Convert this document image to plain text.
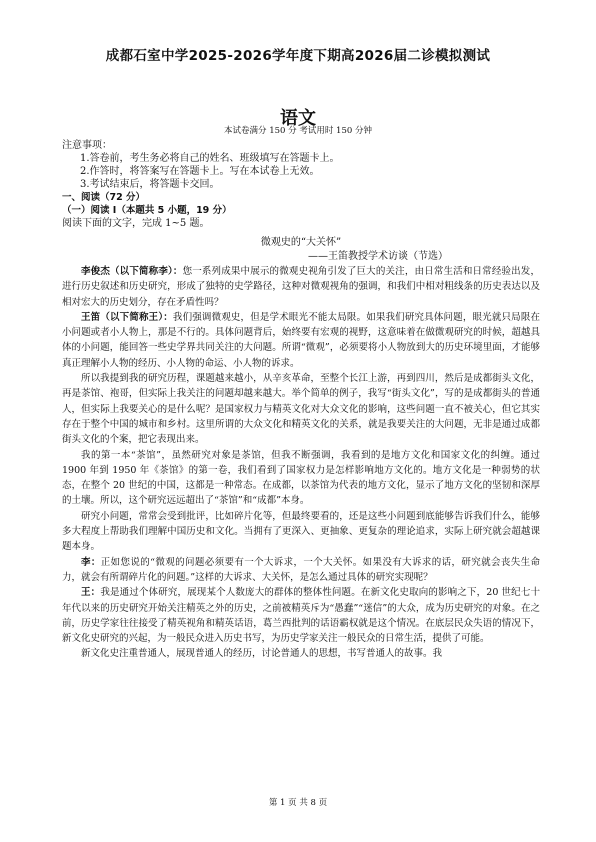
成都石室中学2025-2026学年度下期高2026届二诊模拟测试
语文
本试卷满分 150 分 考试用时 150 分钟
注意事项：
1.答卷前，考生务必将自己的姓名、班级填写在答题卡上。
2.作答时，将答案写在答题卡上。写在本试卷上无效。
3.考试结束后，将答题卡交回。
一、阅读（72 分）
（一）阅读 I（本题共 5 小题，19 分）
阅读下面的文字，完成 1~5 题。
微观史的“大关怀”
——王笛教授学术访谈（节选）

李俊杰（以下简称李）：您一系列成果中展示的微观史视角引发了巨大的关注，由日常生活和日常经验出发，进行历史叙述和历史研究，形成了独特的史学路径，这种对微观视角的强调，和我们中相对粗线条的历史表达以及相对宏大的历史划分，存在矛盾性吗？

王笛（以下简称王）：我们强调微观史，但是学术眼光不能太局限。如果我们研究具体问题，眼光就只局限在小问题或者小人物上，那是不行的。具体问题背后，始终要有宏观的视野，这意味着在做微观研究的时候，超越具体的小问题，能回答一些史学界共同关注的大问题。所谓“微观”，必须要将小人物放到大的历史环境里面，才能够真正理解小人物的经历、小人物的命运、小人物的诉求。

所以我提到我的研究历程，课题越来越小，从辛亥革命，至整个长江上游，再到四川，然后是成都街头文化，再是茶馆、袍哥，但实际上我关注的问题却越来越大。举个简单的例子，我写“街头文化”，写的是成都街头的普通人，但实际上我要关心的是什么呢？是国家权力与精英文化对大众文化的影响，这些问题一直不被关心，但它其实存在于整个中国的城市和乡村。这里所谓的大众文化和精英文化的关系，就是我要关注的大问题，无非是通过成都街头文化的个案，把它表现出来。

我的第一本“茶馆”，虽然研究对象是茶馆，但我不断强调，我看到的是地方文化和国家文化的纠缠。通过 1900 年到 1950 年《茶馆》的第一卷，我们看到了国家权力是怎样影响地方文化的。地方文化是一种弱势的状态，在整个 20 世纪的中国，这都是一种常态。在成都，以茶馆为代表的地方文化，显示了地方文化的坚韧和深厚的土壤。所以，这个研究远远超出了“茶馆”和“成都”本身。

研究小问题，常常会受到批评，比如碎片化等，但最终要看的，还是这些小问题到底能够告诉我们什么，能够多大程度上帮助我们理解中国历史和文化。当拥有了更深入、更抽象、更复杂的理论追求，实际上研究就会超越课题本身。

李：正如您说的“微观的问题必须要有一个大诉求，一个大关怀。如果没有大诉求的话，研究就会丧失生命力，就会有所谓碎片化的问题。”这样的大诉求、大关怀，是怎么通过具体的研究实现呢？

王：我是通过个体研究，展现某个人数庞大的群体的整体性问题。在新文化史取向的影响之下，20 世纪七十年代以来的历史研究开始关注精英之外的历史，之前被精英斥为“愚蠢”“迷信”的大众，成为历史研究的对象。在之前，历史学家往往接受了精英视角和精英话语，葛兰西批判的话语霸权就是这个情况。在底层民众失语的情况下，新文化史研究的兴起，为一般民众进入历史书写，为历史学家关注一般民众的日常生活，提供了可能。

新文化史注重普通人，展现普通人的经历，讨论普通人的思想，书写普通人的故事。我

第 1 页 共 8 页
